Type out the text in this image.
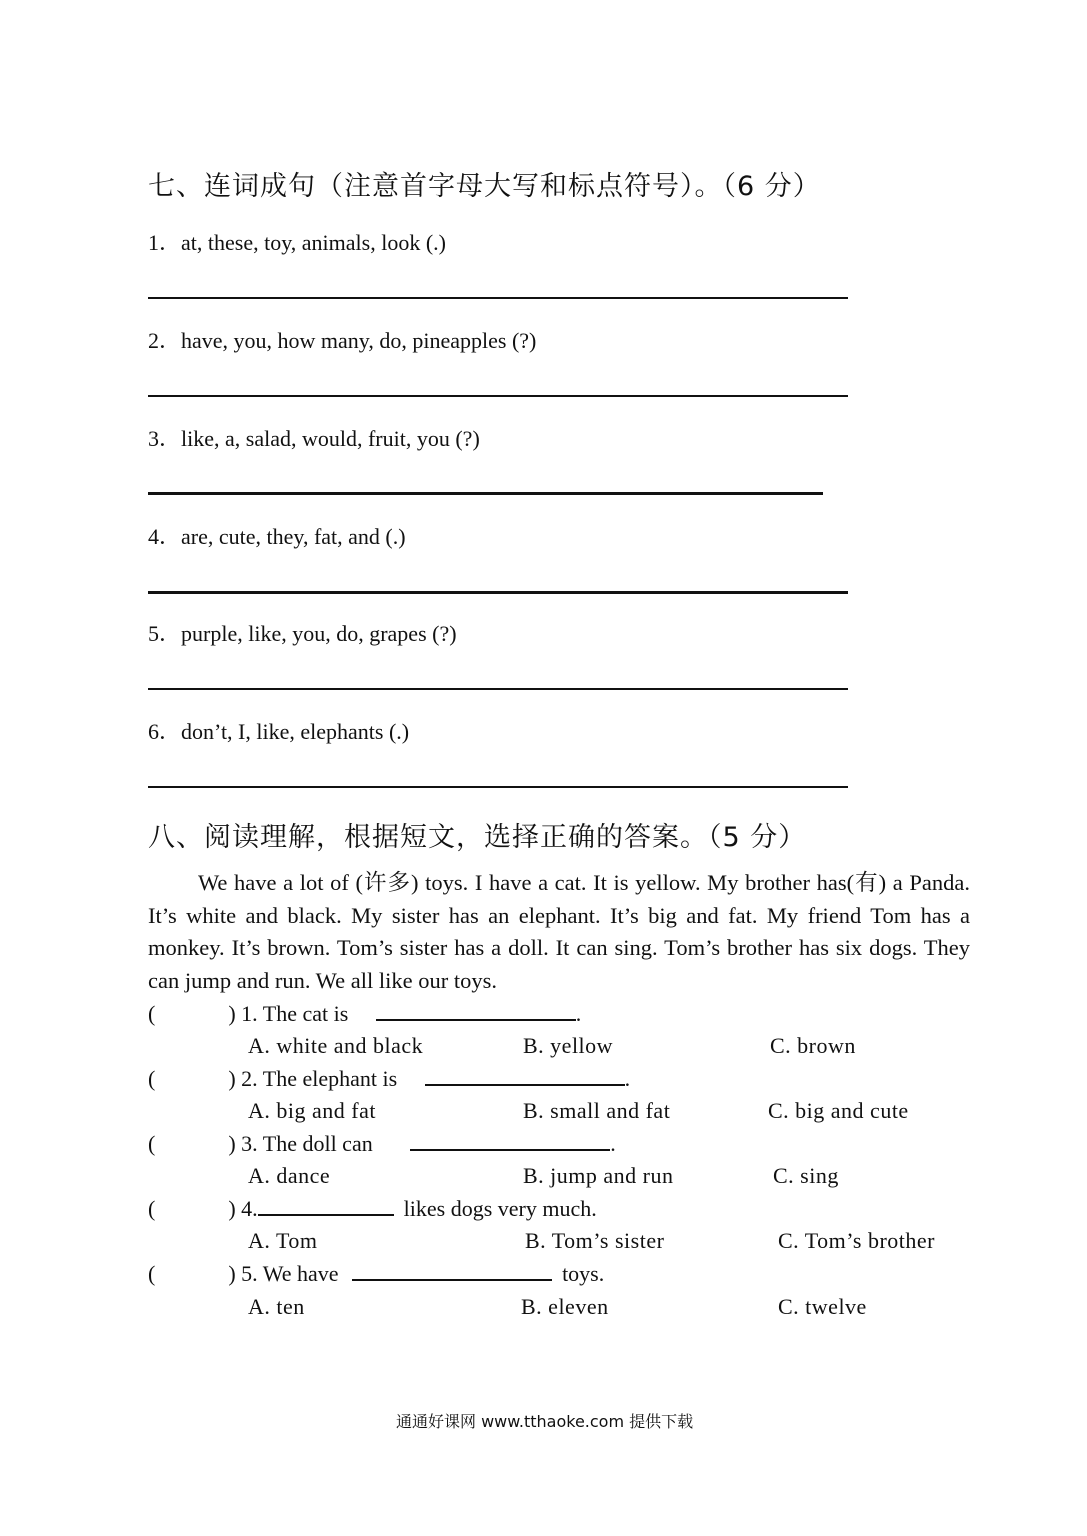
七、连词成句（注意首字母大写和标点符号）。（6 分）
1．at, these, toy, animals, look (.)
2．have, you, how many, do, pineapples (?)
3．like, a, salad, would, fruit, you (?)
4．are, cute, they, fat, and (.)
5．purple, like, you, do, grapes (?)
6．don’t, I, like, elephants (.)
八、阅读理解，根据短文，选择正确的答案。（5 分）
We have a lot of (许多) toys. I have a cat. It is yellow. My brother has(有) a Panda. It’s white and black. My sister has an elephant. It’s big and fat. My friend Tom has a monkey. It’s brown. Tom’s sister has a doll. It can sing. Tom’s brother has six dogs. They can jump and run. We all like our toys.
(	) 1. The cat is	.
A. white and black	B. yellow	C. brown
(	) 2. The elephant is	.
A. big and fat	B. small and fat	C. big and cute
(	) 3. The doll can	.
A. dance	B. jump and run	C. sing
(	) 4.	likes dogs very much.
A. Tom	B. Tom’s sister	C. Tom’s brother
(	) 5. We have	toys.
A. ten	B. eleven	C. twelve
通通好课网 www.tthaoke.com 提供下载
